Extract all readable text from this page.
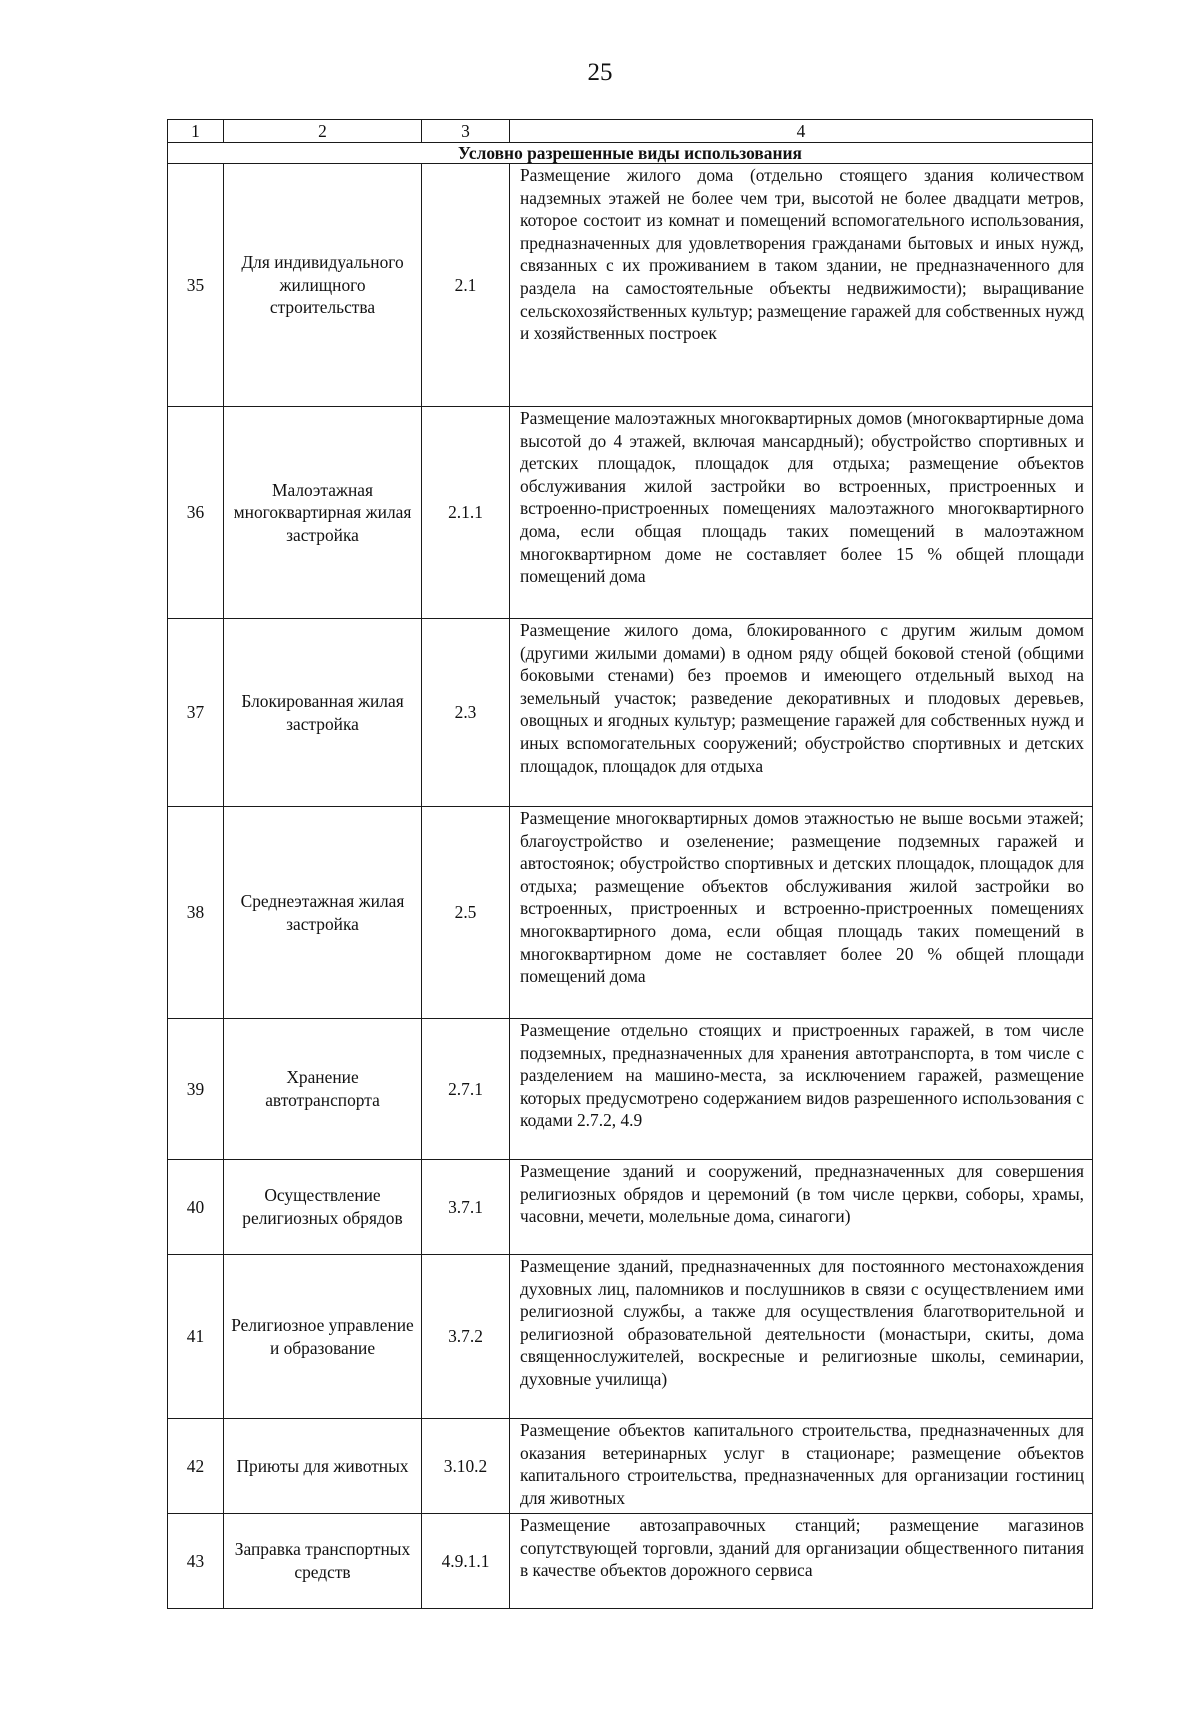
25
1	2	3	4
Условно разрешенные виды использования			
35	Для индивидуального жилищного строительства	2.1	Размещение жилого дома (отдельно стоящего здания количеством надземных этажей не более чем три, высотой не более двадцати метров, которое состоит из комнат и помещений вспомогательного использования, предназначенных для удовлетворения гражданами бытовых и иных нужд, связанных с их проживанием в таком здании, не предназначенного для раздела на самостоятельные объекты недвижимости); выращивание сельскохозяйственных культур; размещение гаражей для собственных нужд и хозяйственных построек
36	Малоэтажная многоквартирная жилая застройка	2.1.1	Размещение малоэтажных многоквартирных домов (многоквартирные дома высотой до 4 этажей, включая мансардный); обустройство спортивных и детских площадок, площадок для отдыха; размещение объектов обслуживания жилой застройки во встроенных, пристроенных и встроенно-пристроенных помещениях малоэтажного многоквартирного дома, если общая площадь таких помещений в малоэтажном многоквартирном доме не составляет более 15 % общей площади помещений дома
37	Блокированная жилая застройка	2.3	Размещение жилого дома, блокированного с другим жилым домом (другими жилыми домами) в одном ряду общей боковой стеной (общими боковыми стенами) без проемов и имеющего отдельный выход на земельный участок; разведение декоративных и плодовых деревьев, овощных и ягодных культур; размещение гаражей для собственных нужд и иных вспомогательных сооружений; обустройство спортивных и детских площадок, площадок для отдыха
38	Среднеэтажная жилая застройка	2.5	Размещение многоквартирных домов этажностью не выше восьми этажей; благоустройство и озеленение; размещение подземных гаражей и автостоянок; обустройство спортивных и детских площадок, площадок для отдыха; размещение объектов обслуживания жилой застройки во встроенных, пристроенных и встроенно-пристроенных помещениях многоквартирного дома, если общая площадь таких помещений в многоквартирном доме не составляет более 20 % общей площади помещений дома
39	Хранение автотранспорта	2.7.1	Размещение отдельно стоящих и пристроенных гаражей, в том числе подземных, предназначенных для хранения автотранспорта, в том числе с разделением на машино-места, за исключением гаражей, размещение которых предусмотрено содержанием видов разрешенного использования с кодами 2.7.2, 4.9
40	Осуществление религиозных обрядов	3.7.1	Размещение зданий и сооружений, предназначенных для совершения религиозных обрядов и церемоний (в том числе церкви, соборы, храмы, часовни, мечети, молельные дома, синагоги)
41	Религиозное управление и образование	3.7.2	Размещение зданий, предназначенных для постоянного местонахождения духовных лиц, паломников и послушников в связи с осуществлением ими религиозной службы, а также для осуществления благотворительной и религиозной образовательной деятельности (монастыри, скиты, дома священнослужителей, воскресные и религиозные школы, семинарии, духовные училища)
42	Приюты для животных	3.10.2	Размещение объектов капитального строительства, предназначенных для оказания ветеринарных услуг в стационаре; размещение объектов капитального строительства, предназначенных для организации гостиниц для животных
43	Заправка транспортных средств	4.9.1.1	Размещение автозаправочных станций; размещение магазинов сопутствующей торговли, зданий для организации общественного питания в качестве объектов дорожного сервиса
